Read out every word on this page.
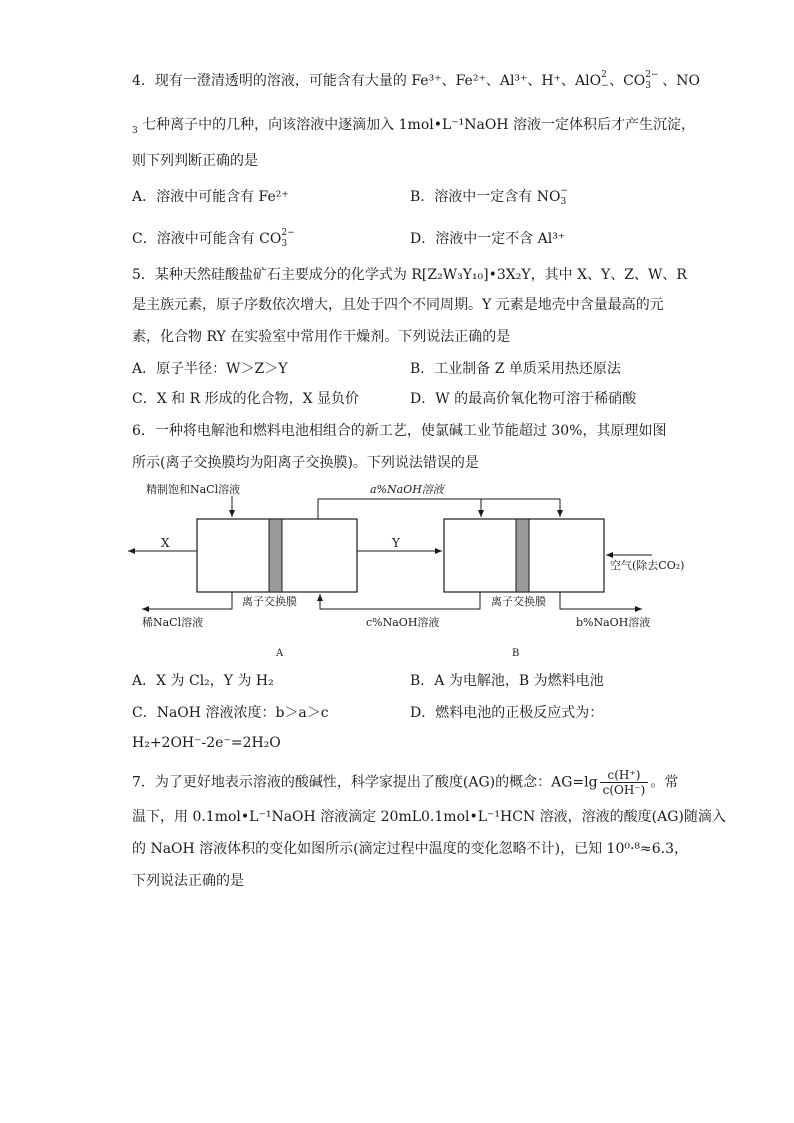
4．现有一澄清透明的溶液，可能含有大量的 Fe³⁺、Fe²⁺、Al³⁺、H⁺、AlO 2
− 、CO 2−
3 、NO
$_3$ 七种离子中的几种，向该溶液中逐滴加入 1mol•L⁻¹NaOH 溶液一定体积后才产生沉淀，
则下列判断正确的是
A．溶液中可能含有 Fe²⁺	B．溶液中一定含有 NO −
3
C．溶液中可能含有 CO 2−
3	D．溶液中一定不含 Al³⁺
5．某种天然硅酸盐矿石主要成分的化学式为 R[Z₂W₃Y₁₀]•3X₂Y，其中 X、Y、Z、W、R
是主族元素，原子序数依次增大，且处于四个不同周期。Y 元素是地壳中含量最高的元
素，化合物 RY 在实验室中常用作干燥剂。下列说法正确的是
A．原子半径：W＞Z＞Y	B．工业制备 Z 单质采用热还原法
C．X 和 R 形成的化合物，X 显负价	D．W 的最高价氧化物可溶于稀硝酸
6．一种将电解池和燃料电池相组合的新工艺，使氯碱工业节能超过 30%，其原理如图
所示(离子交换膜均为阳离子交换膜)。下列说法错误的是
精制饱和NaCl溶液	a%NaOH溶液
X	Y
空气(除去CO₂)
离子交换膜	离子交换膜
稀NaCl溶液	c%NaOH溶液	b%NaOH溶液
A	B
A．X 为 Cl₂，Y 为 H₂	B．A 为电解池，B 为燃料电池
C．NaOH 溶液浓度：b＞a＞c	D．燃料电池的正极反应式为：
H₂+2OH⁻-2e⁻=2H₂O
7．为了更好地表示溶液的酸碱性，科学家提出了酸度(AG)的概念：$AG=\lg \frac{c(H^+)}{c(OH^-)}$ 。常
温下，用 0.1mol•L⁻¹NaOH 溶液滴定 20mL0.1mol•L⁻¹HCN 溶液，溶液的酸度(AG)随滴入
的 NaOH 溶液体积的变化如图所示(滴定过程中温度的变化忽略不计)，已知 10⁰·⁸≈6.3，
下列说法正确的是
